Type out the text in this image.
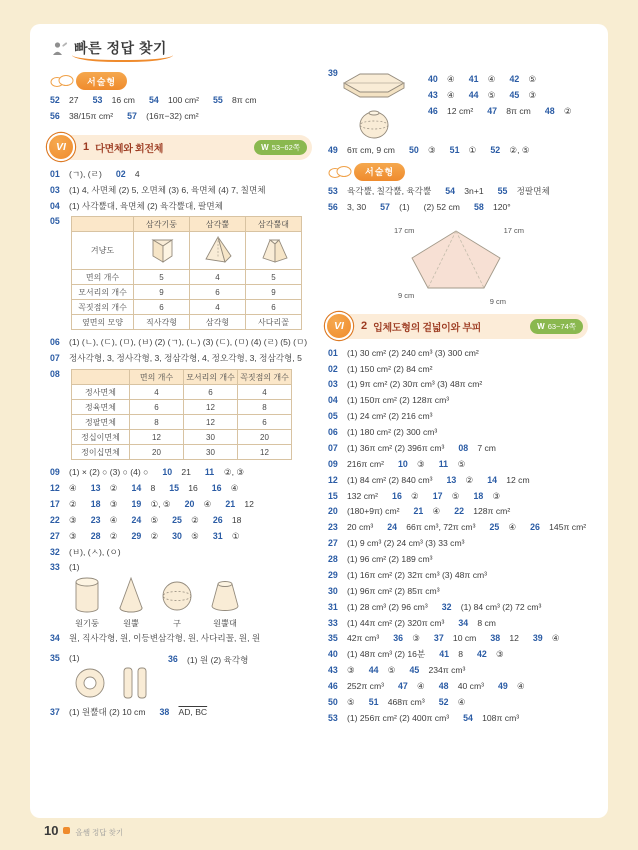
빠른 정답 찾기
서술형
52	27 53	16 cm 54	100 cm² 55	8π cm
56	38/15π cm² 57	(16π−32) cm²
VI	1 다면체와 회전체	W 53~62쪽
01	(ㄱ), (ㄹ) 02	4
03	(1) 4, 사면체 (2) 5, 오면체 (3) 6, 육면체 (4) 7, 칠면체
04	(1) 사각뿔대, 육면체 (2) 육각뿔대, 팔면체
05
		삼각기둥	삼각뿔	삼각뿔대
겨냥도	

면의 개수	5	4	5
모서리의 개수	9	6	9
꼭짓점의 개수	6	4	6
옆면의 모양	직사각형	삼각형	사다리꼴
06	(1) (ㄴ), (ㄷ), (ㅁ), (ㅂ) (2) (ㄱ), (ㄴ) (3) (ㄷ), (ㅁ) (4) (ㄹ) (5) (ㅁ)
07	정사각형, 3, 정사각형, 3, 정삼각형, 4, 정오각형, 3, 정삼각형, 5
08
		면의 개수	모서리의 개수	꼭짓점의 개수
정사면체	4	6	4
정육면체	6	12	8
정팔면체	8	12	6
정십이면체	12	30	20
정이십면체	20	30	12
09	(1) × (2) ○ (3) ○ (4) ○ 10	21 11	②, ③
12	④ 13	② 14	8 15	16 16	④
17	② 18	③ 19	①, ⑤ 20	④ 21	12
22	③ 23	④ 24	⑤ 25	② 26	18
27	③ 28	② 29	② 30	⑤ 31	①
32	(ㅂ), (ㅅ), (ㅇ)
33	(1)
원기둥	원뿔	구	원뿔대
34	원, 직사각형, 원, 이등변삼각형, 원, 사다리꼴, 원, 원
35	(1)	36	(1) 원 (2) 육각형
37	(1) 원뿔대 (2) 10 cm 38	AD, BC
39
40	④ 41	④ 42	⑤
43	④ 44	⑤ 45	③
46	12 cm² 47	8π cm 48	②
49	6π cm, 9 cm 50	③ 51	① 52	②, ⑤
서술형
53	육각뿔, 칠각뿔, 육각뿔 54	3n+1 55	정팔면체
56	3, 30 57	(1) (2) 52 cm 58	120°
17 cm	17 cm
9 cm
9 cm
VI	2 입체도형의 겉넓이와 부피	W 63~74쪽
01	(1) 30 cm² (2) 240 cm³ (3) 300 cm²
02	(1) 150 cm² (2) 84 cm²
03	(1) 9π cm² (2) 30π cm³ (3) 48π cm²
04	(1) 150π cm² (2) 128π cm³
05	(1) 24 cm² (2) 216 cm³
06	(1) 180 cm² (2) 300 cm³
07	(1) 36π cm² (2) 396π cm³ 08	7 cm
09	216π cm² 10	③ 11	⑤
12	(1) 84 cm² (2) 840 cm³ 13	② 14	12 cm
15	132 cm² 16	② 17	⑤ 18	③
20	(180+9π) cm² 21	④ 22	128π cm²
23	20 cm³ 24	66π cm³, 72π cm³ 25	④ 26	145π cm²
27	(1) 9 cm³ (2) 24 cm³ (3) 33 cm³
28	(1) 96 cm² (2) 189 cm³
29	(1) 16π cm² (2) 32π cm³ (3) 48π cm³
30	(1) 96π cm² (2) 85π cm³
31	(1) 28 cm³ (2) 96 cm³ 32	(1) 84 cm³ (2) 72 cm³
33	(1) 44π cm² (2) 320π cm³ 34	8 cm
35	42π cm³ 36	③ 37	10 cm 38	12 39	④
40	(1) 48π cm³ (2) 16분 41	8 42	③
43	③ 44	⑤ 45	234π cm³
46	252π cm³ 47	④ 48	40 cm³ 49	④
50	⑤ 51	468π cm³ 52	④
53	(1) 256π cm² (2) 400π cm³ 54	108π cm³
10 올쌤 정답 찾기
